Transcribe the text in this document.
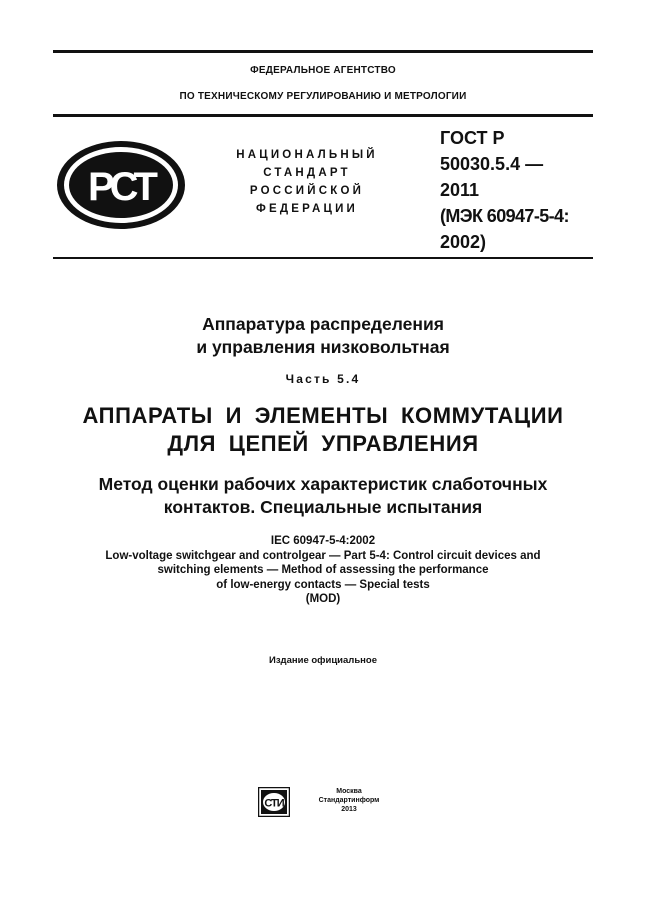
ФЕДЕРАЛЬНОЕ АГЕНТСТВО
ПО ТЕХНИЧЕСКОМУ РЕГУЛИРОВАНИЮ И МЕТРОЛОГИИ
РСТ
НАЦИОНАЛЬНЫЙ
СТАНДАРТ
РОССИЙСКОЙ
ФЕДЕРАЦИИ
ГОСТ Р
50030.5.4 —
2011
(МЭК 60947-5-4:
2002)
Аппаратура распределения
и управления низковольтная
Часть 5.4
АППАРАТЫ И ЭЛЕМЕНТЫ КОММУТАЦИИ
ДЛЯ ЦЕПЕЙ УПРАВЛЕНИЯ
Метод оценки рабочих характеристик слаботочных
контактов. Специальные испытания
IEC 60947-5-4:2002
Low-voltage switchgear and controlgear — Part 5-4: Control circuit devices and
switching elements — Method of assessing the performance
of low-energy contacts — Special tests
(MOD)
Издание официальное
СТИ
Москва
Стандартинформ
2013
